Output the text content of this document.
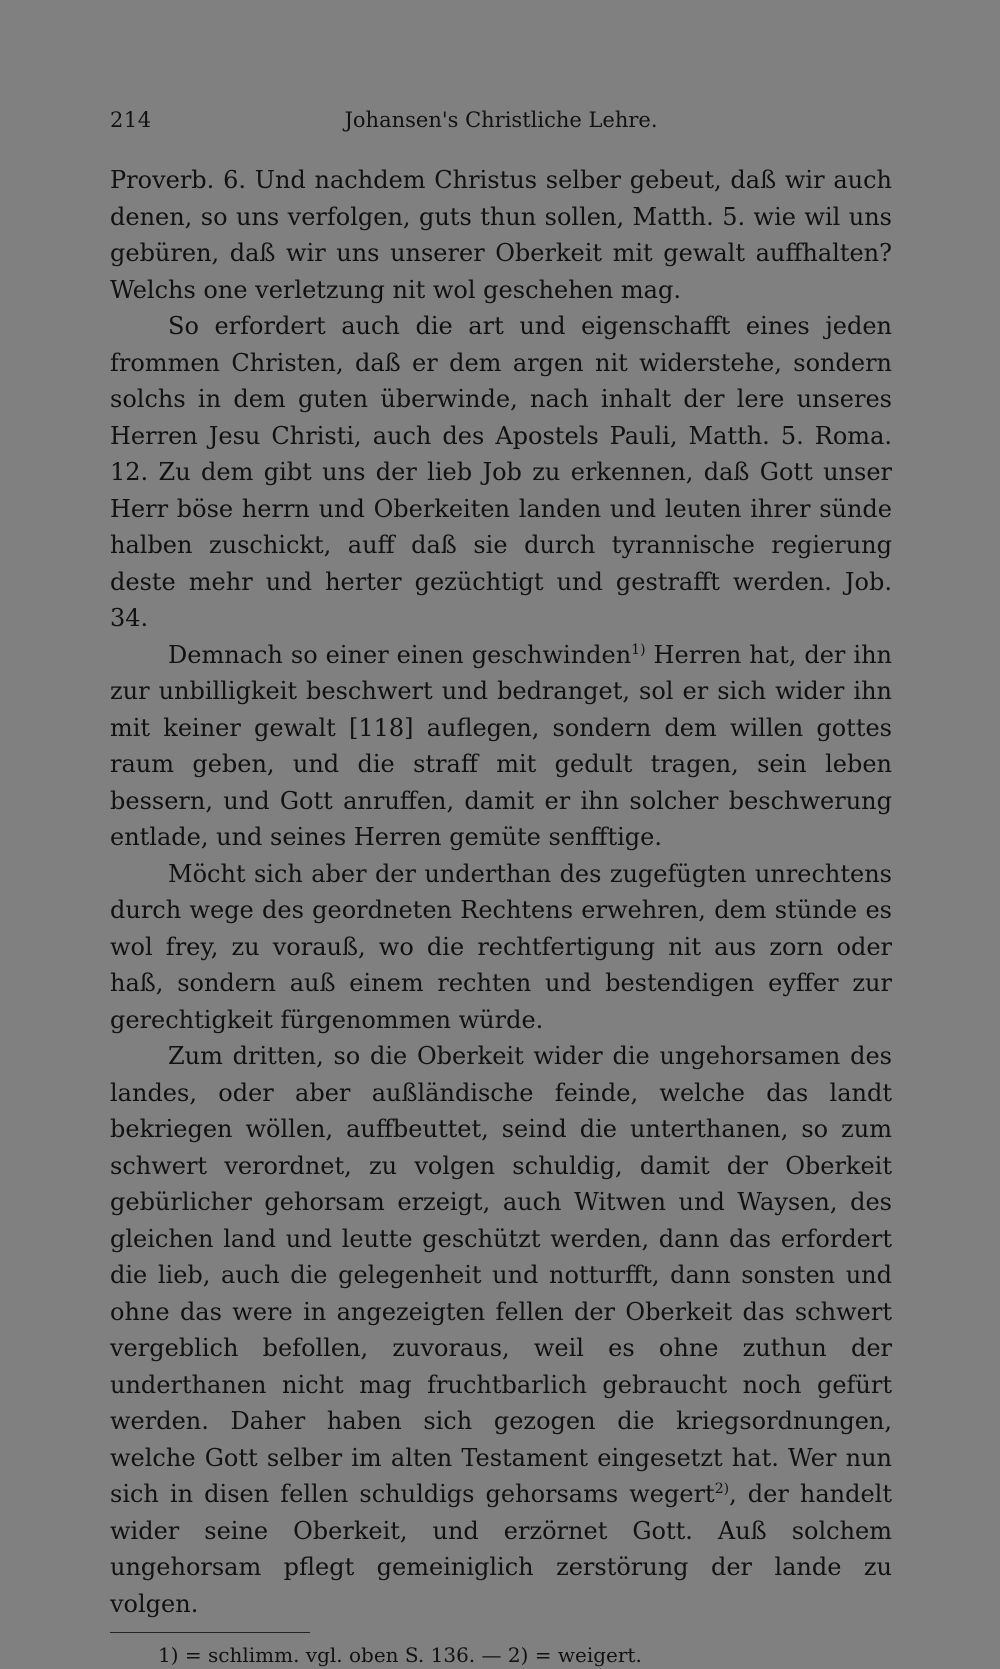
214	Johansen's Christliche Lehre.

Proverb. 6. Und nachdem Christus selber gebeut, daß wir auch denen, so uns verfolgen, guts thun sollen, Matth. 5. wie wil uns gebüren, daß wir uns unserer Oberkeit mit gewalt auffhalten? Welchs one verletzung nit wol geschehen mag.

So erfordert auch die art und eigenschafft eines jeden frommen Christen, daß er dem argen nit widerstehe, sondern solchs in dem guten überwinde, nach inhalt der lere unseres Herren Jesu Christi, auch des Apostels Pauli, Matth. 5. Roma. 12. Zu dem gibt uns der lieb Job zu erkennen, daß Gott unser Herr böse herrn und Oberkeiten landen und leuten ihrer sünde halben zuschickt, auff daß sie durch tyrannische regierung deste mehr und herter gezüchtigt und gestrafft werden. Job. 34.

Demnach so einer einen geschwinden$^{1)}$ Herren hat, der ihn zur unbilligkeit beschwert und bedranget, sol er sich wider ihn mit keiner gewalt [118] auflegen, sondern dem willen gottes raum geben, und die straff mit gedult tragen, sein leben bessern, und Gott anruffen, damit er ihn solcher beschwerung entlade, und seines Herren gemüte senfftige.

Möcht sich aber der underthan des zugefügten unrechtens durch wege des geordneten Rechtens erwehren, dem stünde es wol frey, zu vorauß, wo die rechtfertigung nit aus zorn oder haß, sondern auß einem rechten und bestendigen eyffer zur gerechtigkeit fürgenommen würde.

Zum dritten, so die Oberkeit wider die ungehorsamen des landes, oder aber außländische feinde, welche das landt bekriegen wöllen, auffbeuttet, seind die unterthanen, so zum schwert verordnet, zu volgen schuldig, damit der Oberkeit gebürlicher gehorsam erzeigt, auch Witwen und Waysen, des gleichen land und leutte geschützt werden, dann das erfordert die lieb, auch die gelegenheit und notturfft, dann sonsten und ohne das were in angezeigten fellen der Oberkeit das schwert vergeblich befollen, zuvoraus, weil es ohne zuthun der underthanen nicht mag fruchtbarlich gebraucht noch gefürt werden. Daher haben sich gezogen die kriegsordnungen, welche Gott selber im alten Testament eingesetzt hat. Wer nun sich in disen fellen schuldigs gehorsams wegert$^{2)}$, der handelt wider seine Oberkeit, und erzörnet Gott. Auß solchem ungehorsam pflegt gemeiniglich zerstörung der lande zu volgen.

1) = schlimm. vgl. oben S. 136. — 2) = weigert.
